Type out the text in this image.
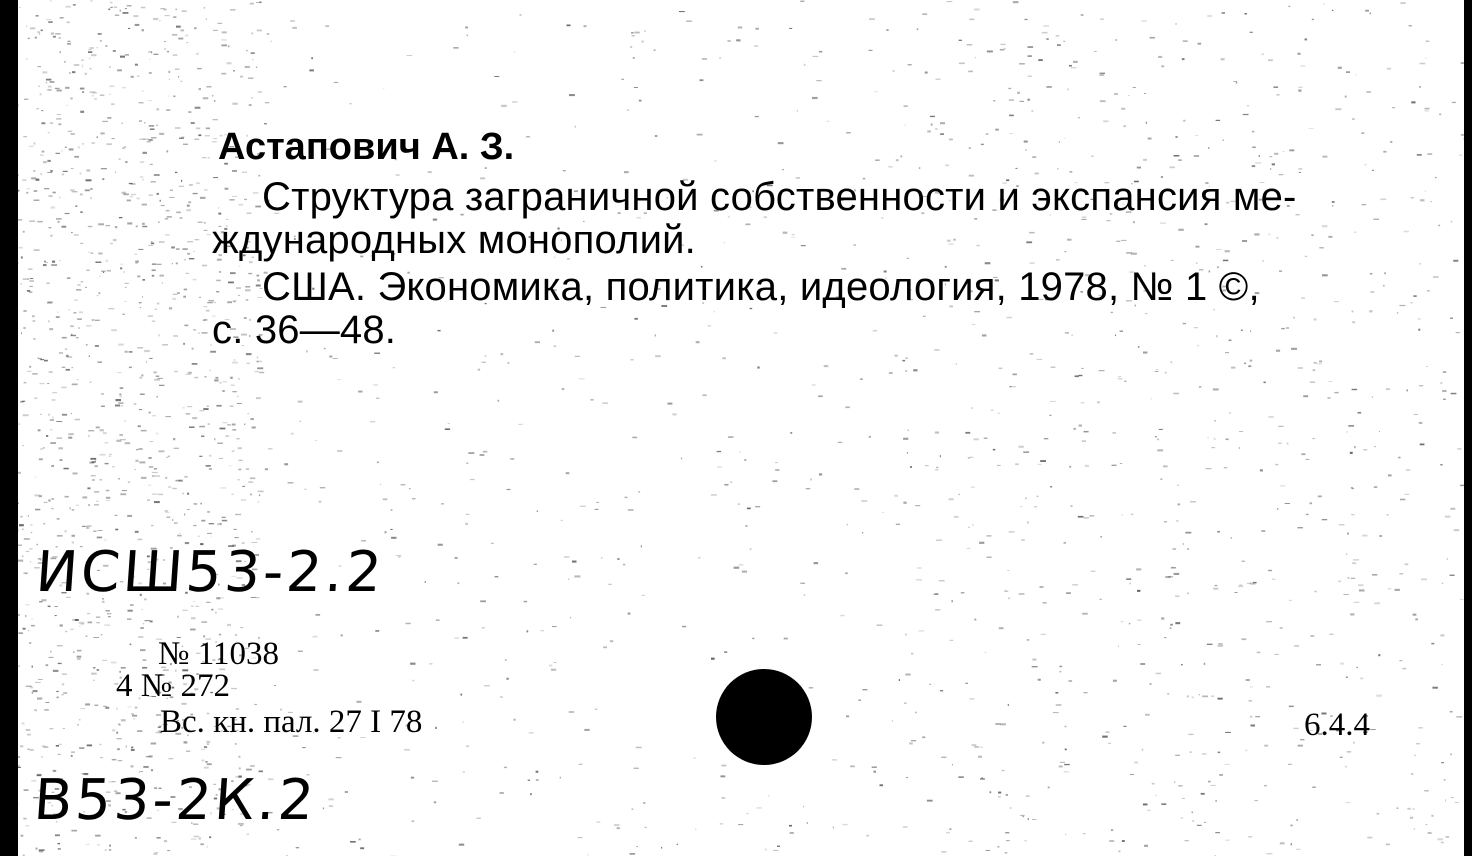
Астапович А. З.
Структура заграничной собственности и экспансия ме-
ждународных монополий.
США. Экономика, политика, идеология, 1978, № 1 ©,
с. 36—48.
ИСШ53-2.2
№ 11038
4 № 272
Вс. кн. пал. 27 I 78	6.4.4
В53-2К.2
